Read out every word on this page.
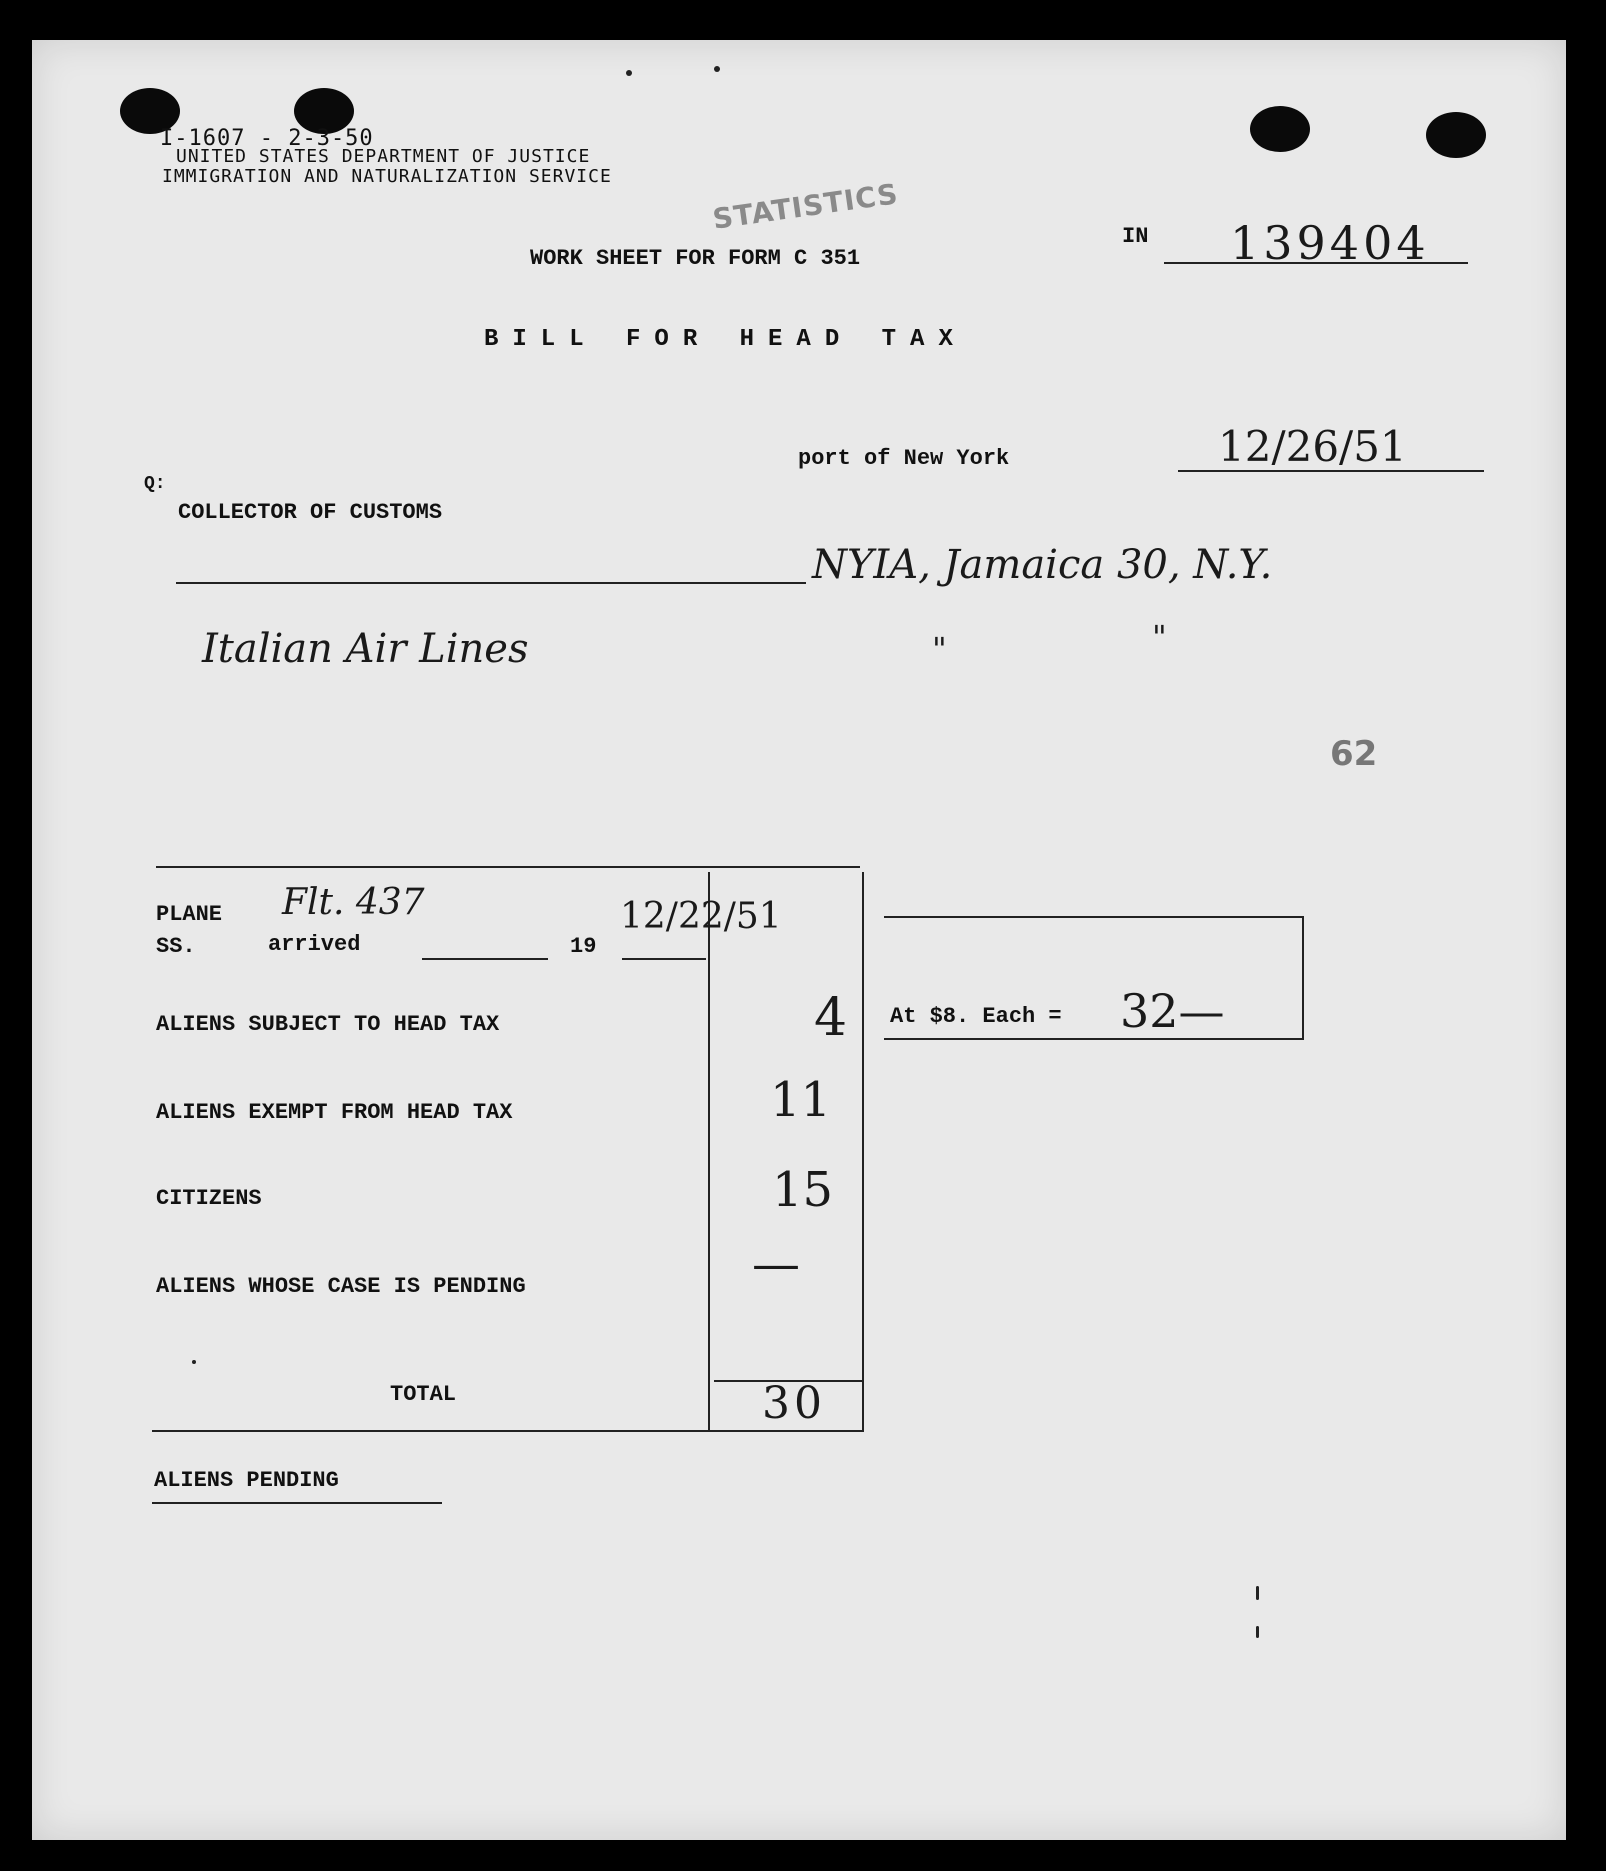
I-1607 - 2-3-50
UNITED STATES DEPARTMENT OF JUSTICE
IMMIGRATION AND NATURALIZATION SERVICE
STATISTICS
IN 139404
WORK SHEET FOR FORM C 351
BILL FOR HEAD TAX
port of New York	12/26/51
Q:
COLLECTOR OF CUSTOMS
NYIA, Jamaica 30, N.Y.
Italian Air Lines	"	"
62
PLANE
SS.	arrived
Flt. 437
19
12/22/51
ALIENS SUBJECT TO HEAD TAX	4
ALIENS EXEMPT FROM HEAD TAX	11
CITIZENS	15
ALIENS WHOSE CASE IS PENDING	—
TOTAL	30
At $8. Each = 32—
ALIENS PENDING
